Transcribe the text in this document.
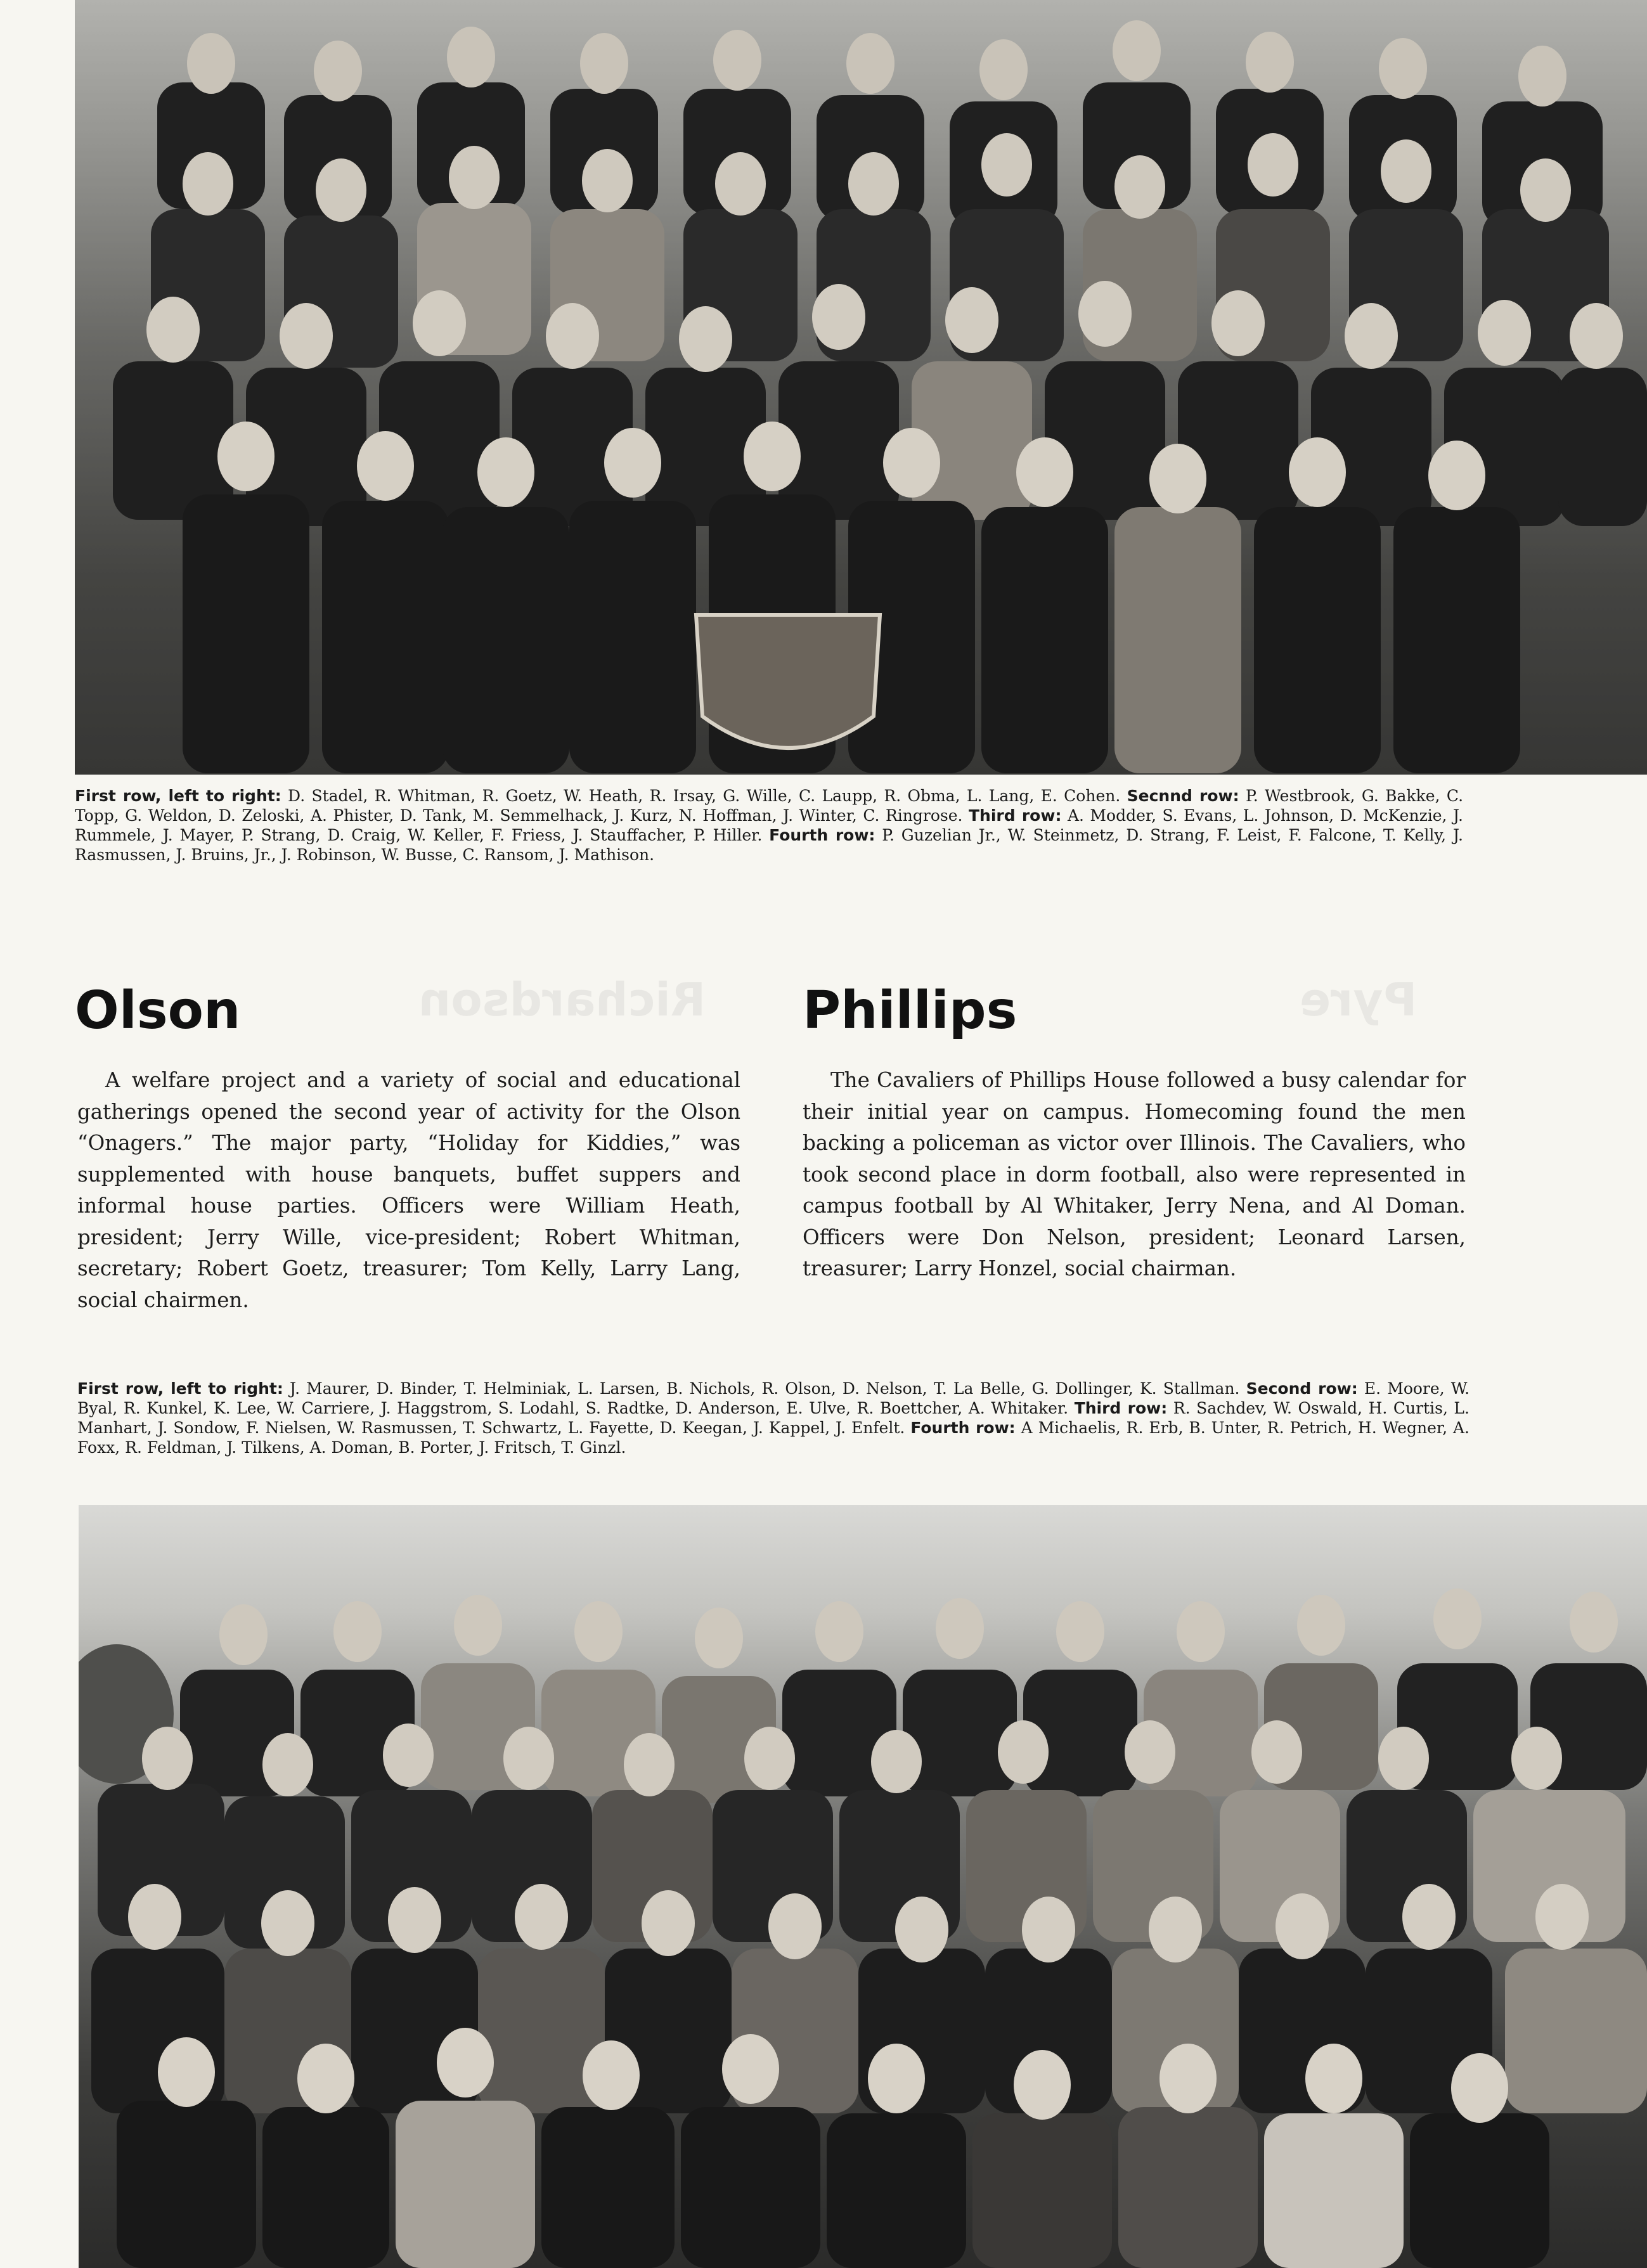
First row, left to right: D. Stadel, R. Whitman, R. Goetz, W. Heath, R. Irsay, G. Wille, C. Laupp, R. Obma, L. Lang, E. Cohen. Secnnd row: P. Westbrook, G. Bakke, C. Topp, G. Weldon, D. Zeloski, A. Phister, D. Tank, M. Semmelhack, J. Kurz, N. Hoffman, J. Winter, C. Ringrose. Third row: A. Modder, S. Evans, L. Johnson, D. McKenzie, J. Rummele, J. Mayer, P. Strang, D. Craig, W. Keller, F. Friess, J. Stauffacher, P. Hiller. Fourth row: P. Guzelian Jr., W. Steinmetz, D. Strang, F. Leist, F. Falcone, T. Kelly, J. Rasmussen, J. Bruins, Jr., J. Robinson, W. Busse, C. Ransom, J. Mathison.
Pyre
Richardson
Olson

A welfare project and a variety of social and educational gatherings opened the second year of activity for the Olson “Onagers.” The major party, “Holiday for Kiddies,” was supplemented with house banquets, buffet suppers and informal house parties. Officers were William Heath, president; Jerry Wille, vice-president; Robert Whitman, secretary; Robert Goetz, treasurer; Tom Kelly, Larry Lang, social chairmen.

Phillips

The Cavaliers of Phillips House followed a busy calendar for their initial year on campus. Homecoming found the men backing a policeman as victor over Illinois. The Cavaliers, who took second place in dorm football, also were represented in campus football by Al Whitaker, Jerry Nena, and Al Doman. Officers were Don Nelson, president; Leonard Larsen, treasurer; Larry Honzel, social chairman.

First row, left to right: J. Maurer, D. Binder, T. Helminiak, L. Larsen, B. Nichols, R. Olson, D. Nelson, T. La Belle, G. Dollinger, K. Stallman. Second row: E. Moore, W. Byal, R. Kunkel, K. Lee, W. Carriere, J. Haggstrom, S. Lodahl, S. Radtke, D. Anderson, E. Ulve, R. Boettcher, A. Whitaker. Third row: R. Sachdev, W. Oswald, H. Curtis, L. Manhart, J. Sondow, F. Nielsen, W. Rasmussen, T. Schwartz, L. Fayette, D. Keegan, J. Kappel, J. Enfelt. Fourth row: A Michaelis, R. Erb, B. Unter, R. Petrich, H. Wegner, A. Foxx, R. Feldman, J. Tilkens, A. Doman, B. Porter, J. Fritsch, T. Ginzl.
